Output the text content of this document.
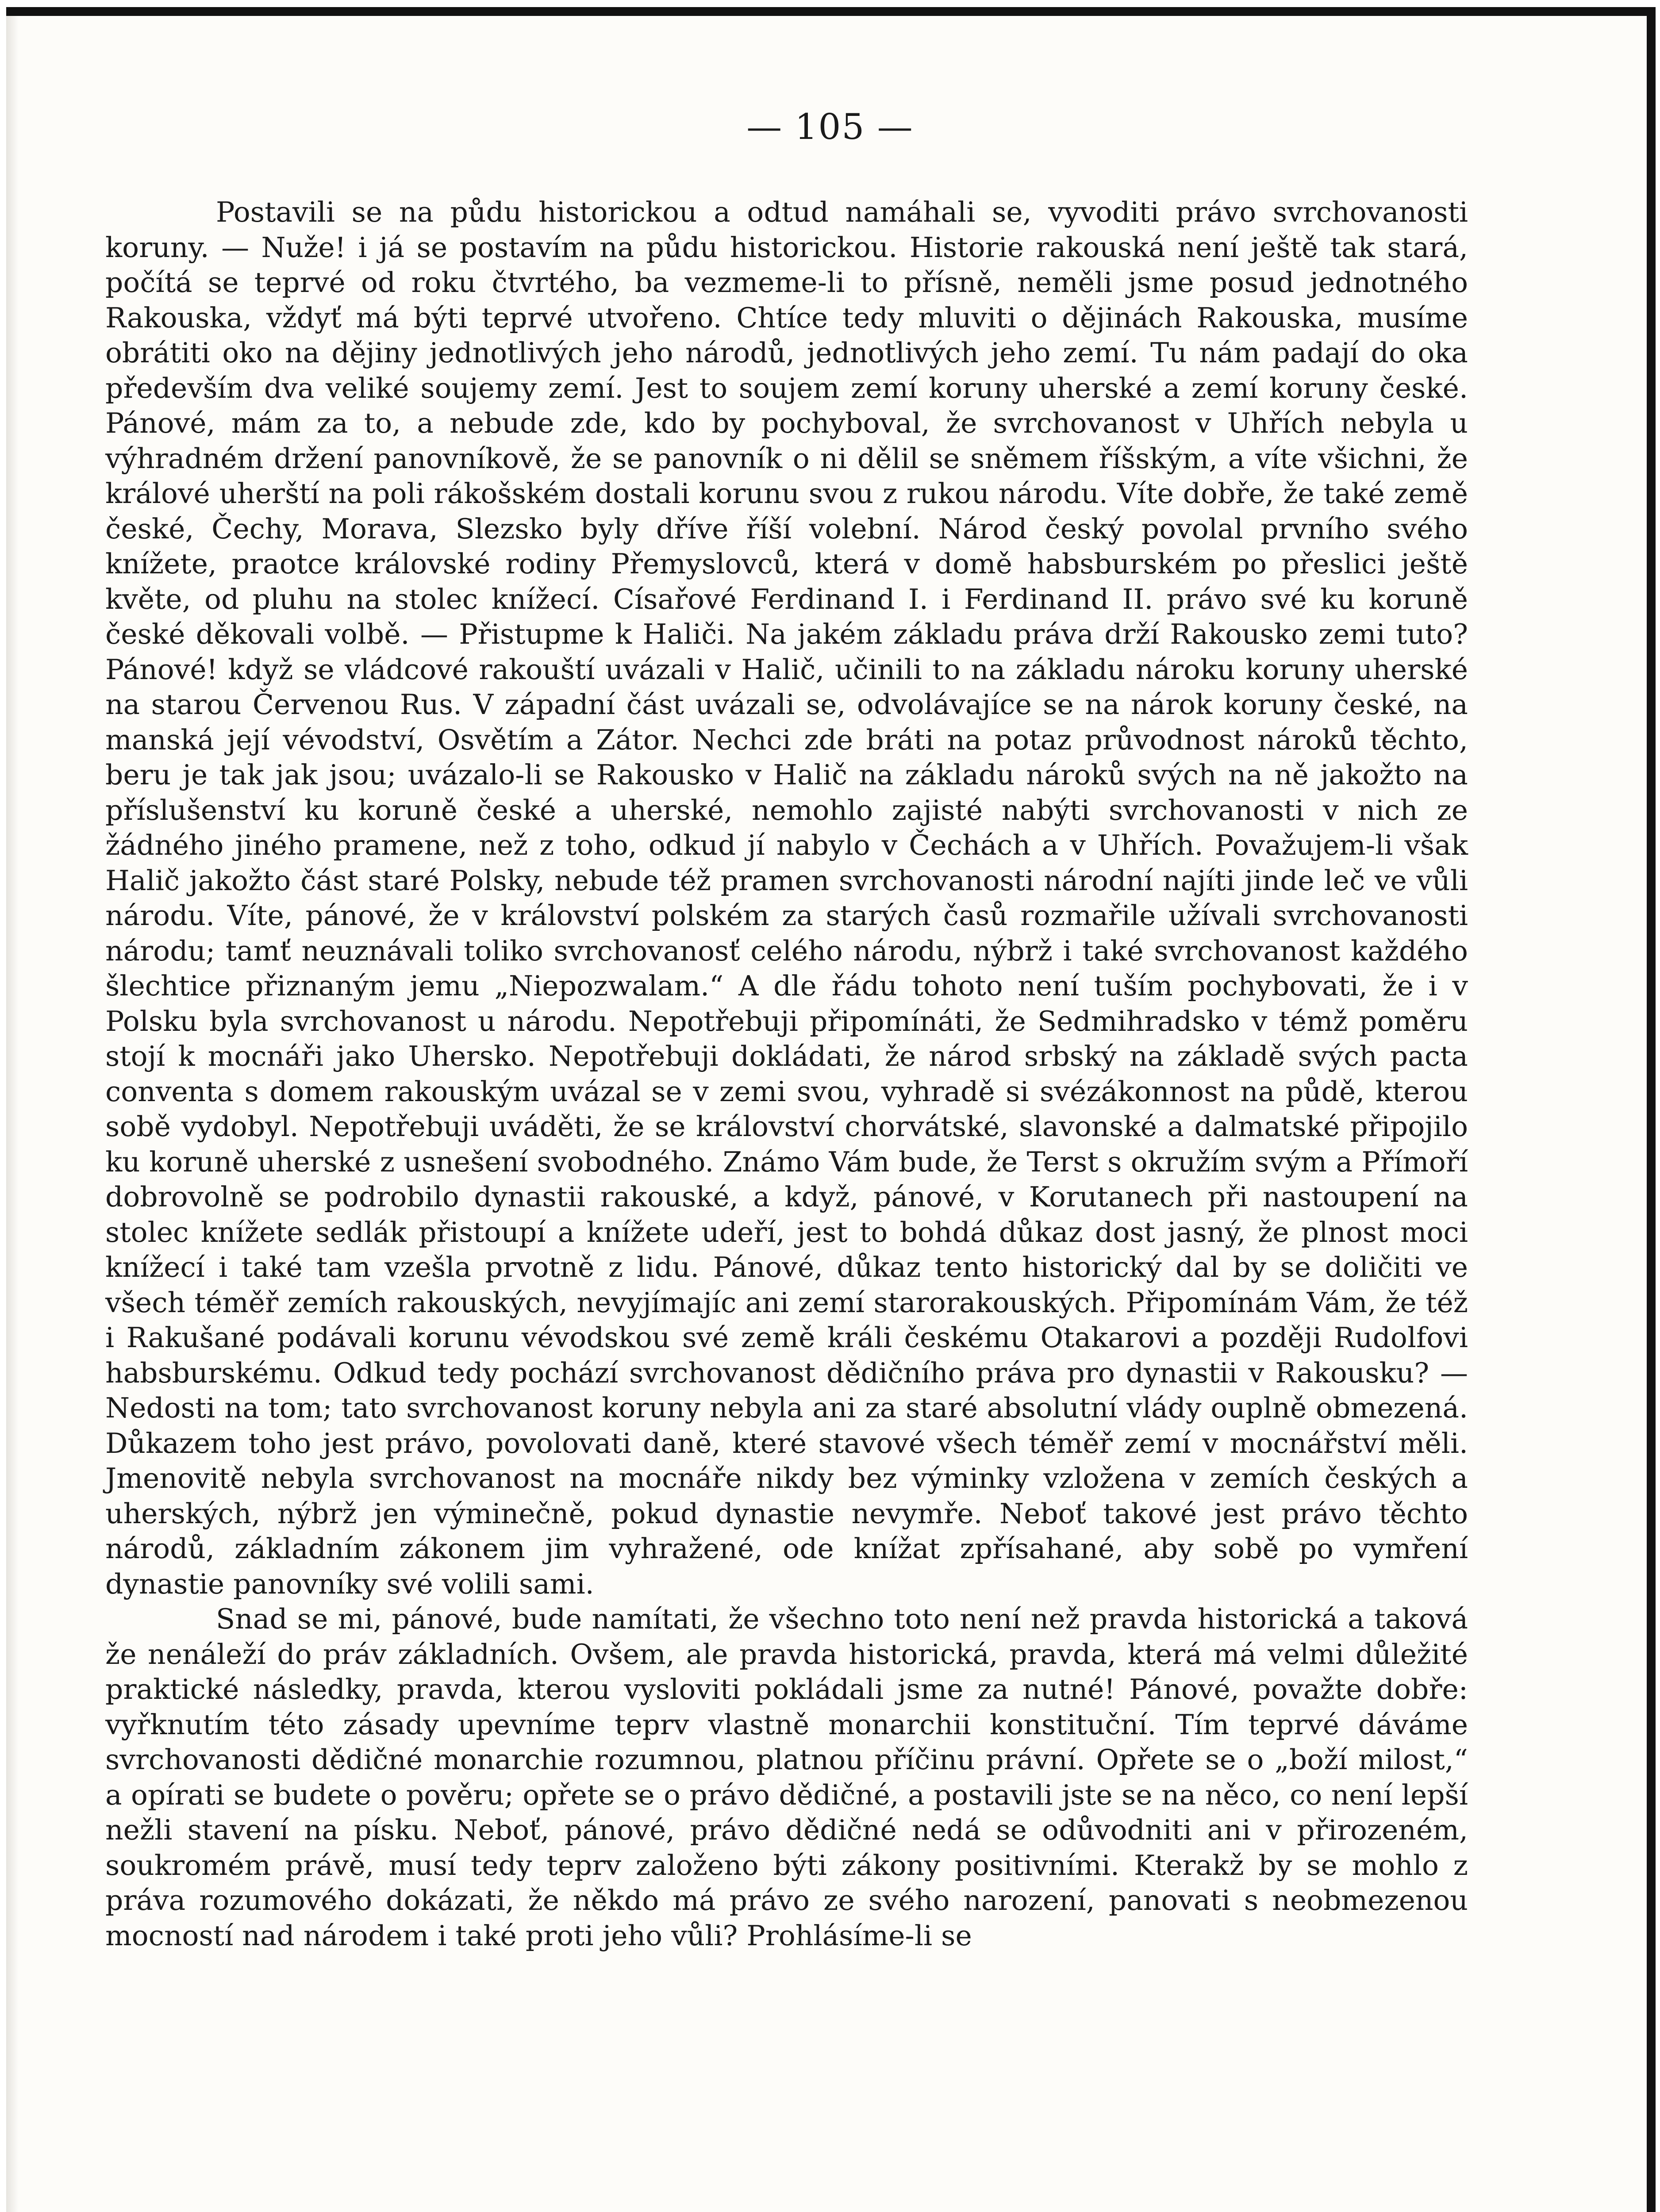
— 105 —

Postavili se na půdu historickou a odtud namáhali se, vyvoditi právo svrchovanosti koruny. — Nuže! i já se postavím na půdu historickou. Historie rakouská není ještě tak stará, počítá se teprvé od roku čtvrtého, ba vezmeme-li to přísně, neměli jsme posud jednotného Rakouska, vždyť má býti teprvé utvořeno. Chtíce tedy mluviti o dějinách Rakouska, musíme obrátiti oko na dějiny jednotlivých jeho národů, jednotlivých jeho zemí. Tu nám padají do oka především dva veliké soujemy zemí. Jest to soujem zemí koruny uherské a zemí koruny české. Pánové, mám za to, a nebude zde, kdo by pochyboval, že svrchovanost v Uhřích nebyla u výhradném držení panovníkově, že se panovník o ni dělil se sněmem říšským, a víte všichni, že králové uherští na poli rákošském dostali korunu svou z rukou národu. Víte dobře, že také země české, Čechy, Morava, Slezsko byly dříve říší volební. Národ český povolal prvního svého knížete, praotce královské rodiny Přemyslovců, která v domě habsburském po přeslici ještě květe, od pluhu na stolec knížecí. Císařové Ferdinand I. i Ferdinand II. právo své ku koruně české děkovali volbě. — Přistupme k Haliči. Na jakém základu práva drží Rakousko zemi tuto? Pánové! když se vládcové rakouští uvázali v Halič, učinili to na základu nároku koruny uherské na starou Červenou Rus. V západní část uvázali se, odvolávajíce se na nárok koruny české, na manská její vévodství, Osvětím a Zátor. Nechci zde bráti na potaz průvodnost nároků těchto, beru je tak jak jsou; uvázalo-li se Rakousko v Halič na základu nároků svých na ně jakožto na příslušenství ku koruně české a uherské, nemohlo zajisté nabýti svrchovanosti v nich ze žádného jiného pramene, než z toho, odkud jí nabylo v Čechách a v Uhřích. Považujem-li však Halič jakožto část staré Polsky, nebude též pramen svrchovanosti národní najíti jinde leč ve vůli národu. Víte, pánové, že v království polském za starých časů rozmařile užívali svrchovanosti národu; tamť neuznávali toliko svrchovanosť celého národu, nýbrž i také svrchovanost každého šlechtice přiznaným jemu „Niepozwalam.“ A dle řádu tohoto není tuším pochybovati, že i v Polsku byla svrchovanost u národu. Nepotřebuji připomínáti, že Sedmihradsko v témž poměru stojí k mocnáři jako Uhersko. Nepotřebuji dokládati, že národ srbský na základě svých pacta conventa s domem rakouským uvázal se v zemi svou, vyhradě si svézákonnost na půdě, kterou sobě vydobyl. Nepotřebuji uváděti, že se království chorvátské, slavonské a dalmatské připojilo ku koruně uherské z usnešení svobodného. Známo Vám bude, že Terst s okružím svým a Přímoří dobrovolně se podrobilo dynastii rakouské, a když, pánové, v Korutanech při nastoupení na stolec knížete sedlák přistoupí a knížete udeří, jest to bohdá důkaz dost jasný, že plnost moci knížecí i také tam vzešla prvotně z lidu. Pánové, důkaz tento historický dal by se doličiti ve všech téměř zemích rakouských, nevyjímajíc ani zemí starorakouských. Připomínám Vám, že též i Rakušané podávali korunu vévodskou své země králi českému Otakarovi a později Rudolfovi habsburskému. Odkud tedy pochází svrchovanost dědičního práva pro dynastii v Rakousku? — Nedosti na tom; tato svrchovanost koruny nebyla ani za staré absolutní vlády ouplně obmezená. Důkazem toho jest právo, povolovati daně, které stavové všech téměř zemí v mocnářství měli. Jmenovitě nebyla svrchovanost na mocnáře nikdy bez výminky vzložena v zemích českých a uherských, nýbrž jen výminečně, pokud dynastie nevymře. Neboť takové jest právo těchto národů, základním zákonem jim vyhražené, ode knížat zpřísahané, aby sobě po vymření dynastie panovníky své volili sami.

Snad se mi, pánové, bude namítati, že všechno toto není než pravda historická a taková že nenáleží do práv základních. Ovšem, ale pravda historická, pravda, která má velmi důležité praktické následky, pravda, kterou vysloviti pokládali jsme za nutné! Pánové, považte dobře: vyřknutím této zásady upevníme teprv vlastně monarchii konstituční. Tím teprvé dáváme svrchovanosti dědičné monarchie rozumnou, platnou příčinu právní. Opřete se o „boží milost,“ a opírati se budete o pověru; opřete se o právo dědičné, a postavili jste se na něco, co není lepší nežli stavení na písku. Neboť, pánové, právo dědičné nedá se odůvodniti ani v přirozeném, soukromém právě, musí tedy teprv založeno býti zákony positivními. Kterakž by se mohlo z práva rozumového dokázati, že někdo má právo ze svého narození, panovati s neobmezenou mocností nad národem i také proti jeho vůli? Prohlásíme-li se
